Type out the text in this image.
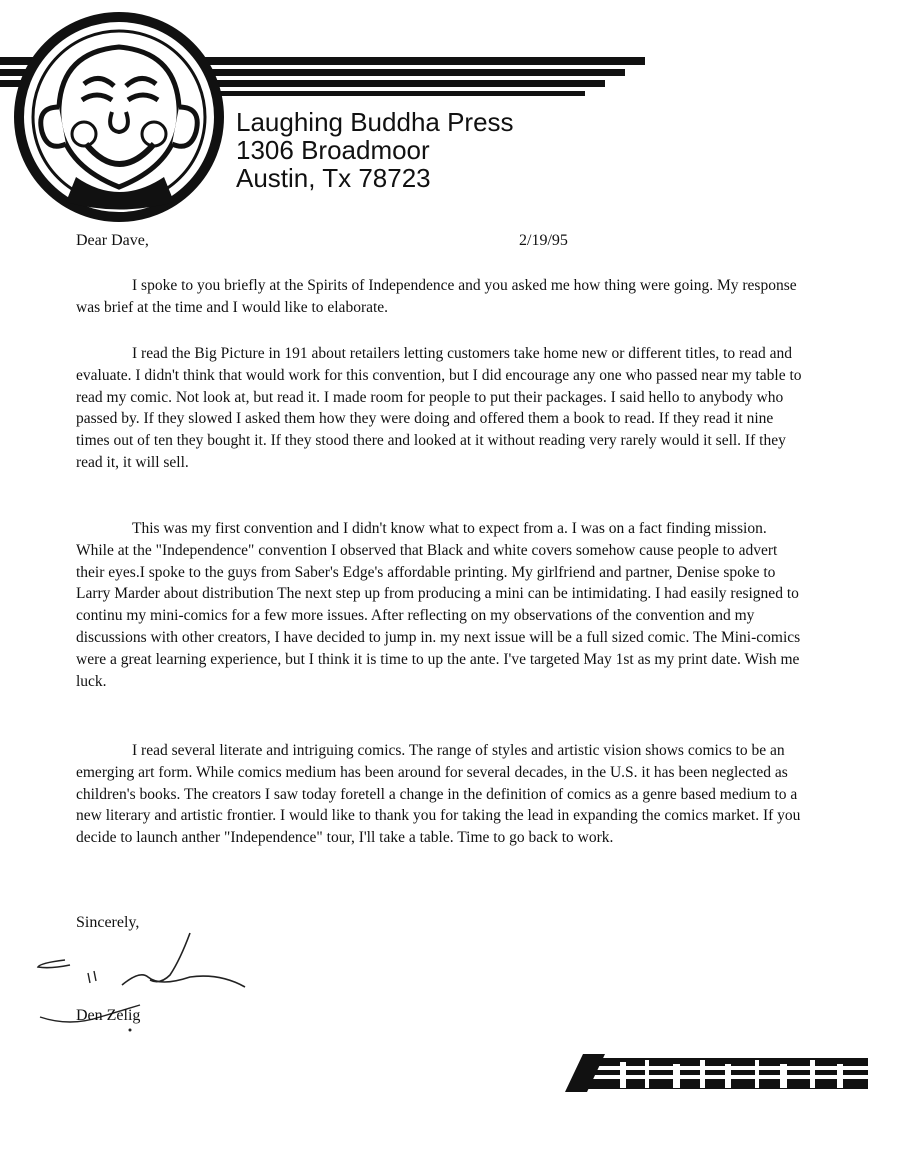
Laughing Buddha Press
1306 Broadmoor
Austin, Tx 78723
Dear Dave,	2/19/95

I spoke to you briefly at the Spirits of Independence and you asked me how thing were going. My response was brief at the time and I would like to elaborate.

I read the Big Picture in 191 about retailers letting customers take home new or different titles, to read and evaluate. I didn't think that would work for this convention, but I did encourage any one who passed near my table to read my comic. Not look at, but read it. I made room for people to put their packages. I said hello to anybody who passed by. If they slowed I asked them how they were doing and offered them a book to read. If they read it nine times out of ten they bought it. If they stood there and looked at it without reading very rarely would it sell. If they read it, it will sell.

This was my first convention and I didn't know what to expect from a. I was on a fact finding mission. While at the "Independence" convention I observed that Black and white covers somehow cause people to advert their eyes.I spoke to the guys from Saber's Edge's affordable printing. My girlfriend and partner, Denise spoke to Larry Marder about distribution The next step up from producing a mini can be intimidating. I had easily resigned to continu my mini-comics for a few more issues. After reflecting on my observations of the convention and my discussions with other creators, I have decided to jump in. my next issue will be a full sized comic. The Mini-comics were a great learning experience, but I think it is time to up the ante. I've targeted May 1st as my print date. Wish me luck.

I read several literate and intriguing comics. The range of styles and artistic vision shows comics to be an emerging art form. While comics medium has been around for several decades, in the U.S. it has been neglected as children's books. The creators I saw today foretell a change in the definition of comics as a genre based medium to a new literary and artistic frontier. I would like to thank you for taking the lead in expanding the comics market. If you decide to launch anther "Independence" tour, I'll take a table. Time to go back to work.

Sincerely,
Den Zelig
